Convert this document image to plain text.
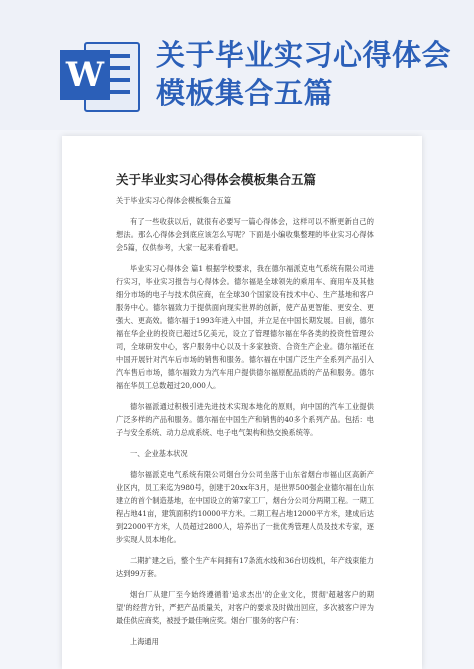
W 关于毕业实习心得体会模板集合五篇
关于毕业实习心得体会模板集合五篇

关于毕业实习心得体会模板集合五篇

有了一些收获以后，就很有必要写一篇心得体会，这样可以不断更新自己的想法。那么心得体会到底应该怎么写呢？下面是小编收集整理的毕业实习心得体会5篇，仅供参考，大家一起来看看吧。

毕业实习心得体会 篇1 根据学校要求，我在德尔福派克电气系统有限公司进行实习，毕业实习报告与心得体会。德尔福是全球领先的乘用车、商用车及其他细分市场的电子与技术供应商，在全球30个国家设有技术中心、生产基地和客户服务中心。德尔福致力于提供面向现实世界的创新，使产品更智能、更安全、更强大、更高效。德尔福于1993年进入中国，并立足在中国长期发展。目前，德尔福在华企业的投资已超过5亿美元，设立了管理德尔福在华各类的投资性管理公司，全球研发中心，客户服务中心以及十多家独资、合资生产企业。德尔福还在中国开展针对汽车后市场的销售和服务。德尔福在中国广泛生产全系列产品引入汽车售后市场，德尔福致力为汽车用户提供德尔福原配品质的产品和服务。德尔福在华员工总数超过20,000人。

德尔福派通过积极引进先进技术实现本地化的原则，向中国的汽车工业提供广泛多样的产品和服务。德尔福在中国生产和销售的40多个系列产品。包括：电子与安全系统、动力总成系统、电子电气架构和热交换系统等。

一、企业基本状况

德尔福派克电气系统有限公司烟台分公司坐落于山东省烟台市福山区高新产业区内，员工来迄为980号，创建于20xx年3月，是世界500强企业德尔福在山东建立的首个制造基地，在中国设立的第7家工厂，烟台分公司分两期工程。一期工程占地41亩，建筑面积约10000平方米。二期工程占地12000平方米，建成后达到22000平方米，人员超过2800人，培养出了一批优秀管理人员及技术专家，逐步实现人员本地化。

二期扩建之后，整个生产车间拥有17条流水线和36台切线机，年产线束能力达到99万套。

烟台厂从建厂至今始终遵循着'追求杰出'的企业文化，贯彻'超越客户的期望'的经营方针，严把产品质量关，对客户的要求及时做出回应，多次被客户评为最佳供应商奖，被授予最佳响应奖。烟台厂服务的客户有：

上海通用
